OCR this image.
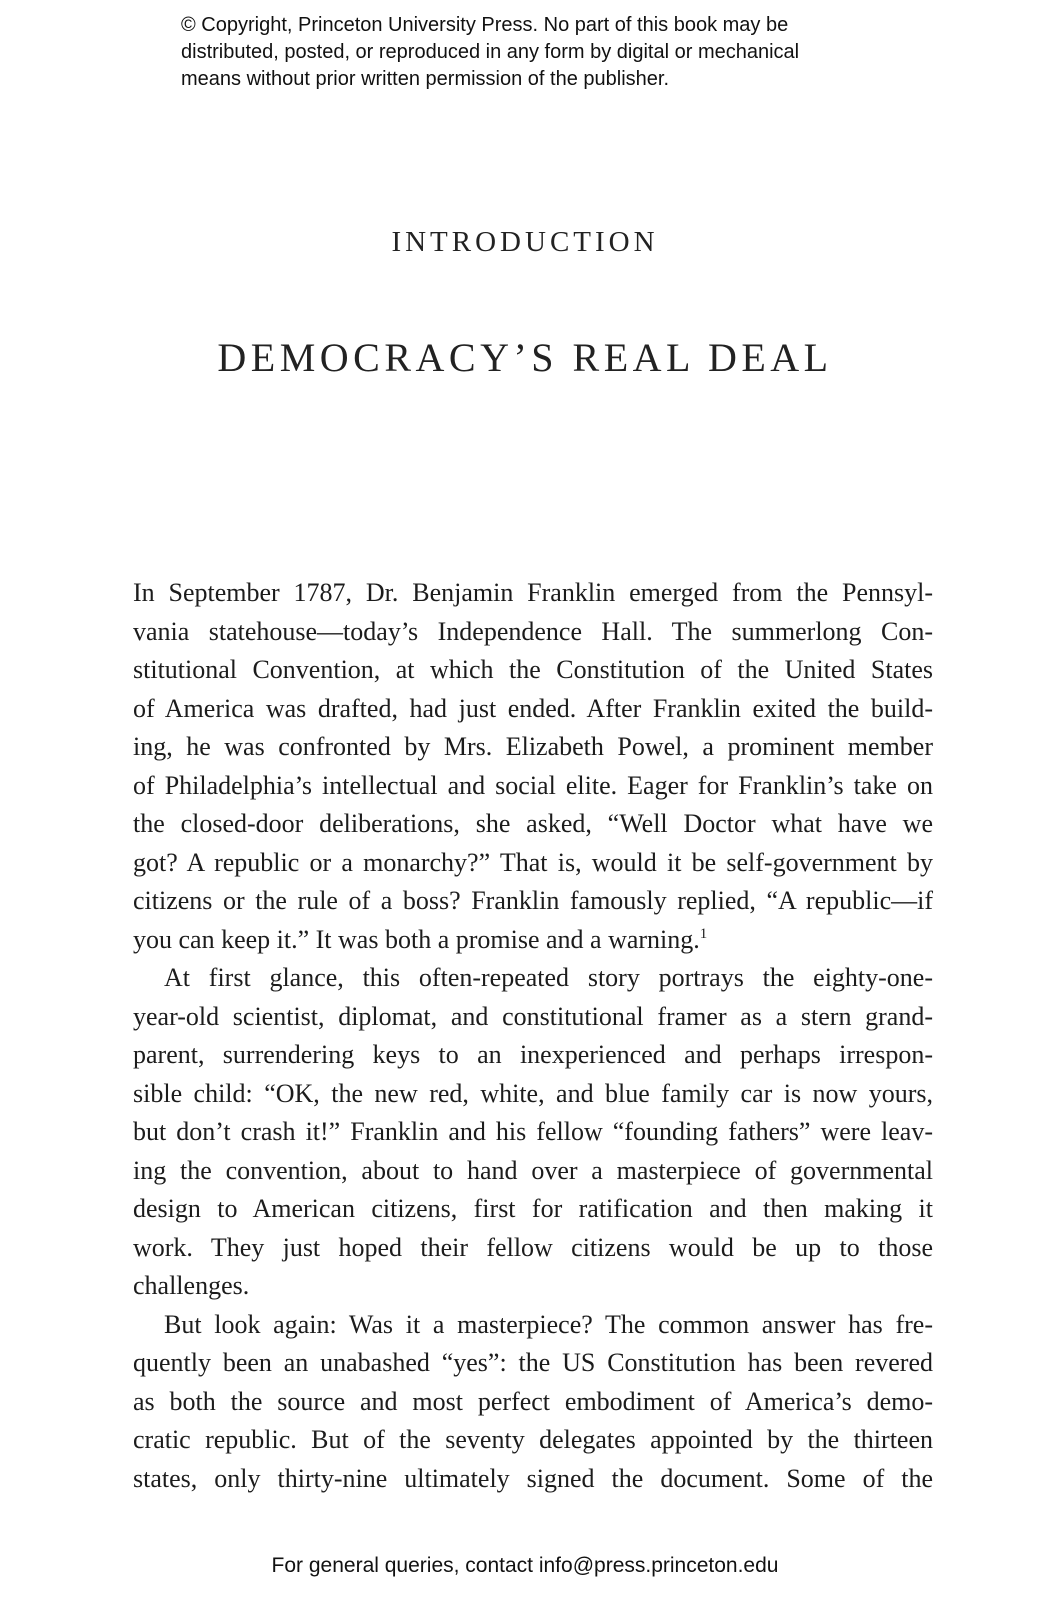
© Copyright, Princeton University Press. No part of this book may be
distributed, posted, or reproduced in any form by digital or mechanical
means without prior written permission of the publisher.
INTRODUCTION
DEMOCRACY’S REAL DEAL
In September 1787, Dr. Benjamin Franklin emerged from the Pennsyl-
vania statehouse—today’s Independence Hall. The summerlong Con-
stitutional Convention, at which the Constitution of the United States
of America was drafted, had just ended. After Franklin exited the build-
ing, he was confronted by Mrs. Elizabeth Powel, a prominent member
of Philadelphia’s intellectual and social elite. Eager for Franklin’s take on
the closed-door deliberations, she asked, “Well Doctor what have we
got? A republic or a monarchy?” That is, would it be self-government by
citizens or the rule of a boss? Franklin famously replied, “A republic—if
you can keep it.” It was both a promise and a warning.$^1$
At first glance, this often-repeated story portrays the eighty-one-
year-old scientist, diplomat, and constitutional framer as a stern grand-
parent, surrendering keys to an inexperienced and perhaps irrespon-
sible child: “OK, the new red, white, and blue family car is now yours,
but don’t crash it!” Franklin and his fellow “founding fathers” were leav-
ing the convention, about to hand over a masterpiece of governmental
design to American citizens, first for ratification and then making it
work. They just hoped their fellow citizens would be up to those
challenges.
But look again: Was it a masterpiece? The common answer has fre-
quently been an unabashed “yes”: the US Constitution has been revered
as both the source and most perfect embodiment of America’s demo-
cratic republic. But of the seventy delegates appointed by the thirteen
states, only thirty-nine ultimately signed the document. Some of the
For general queries, contact info@press.princeton.edu
